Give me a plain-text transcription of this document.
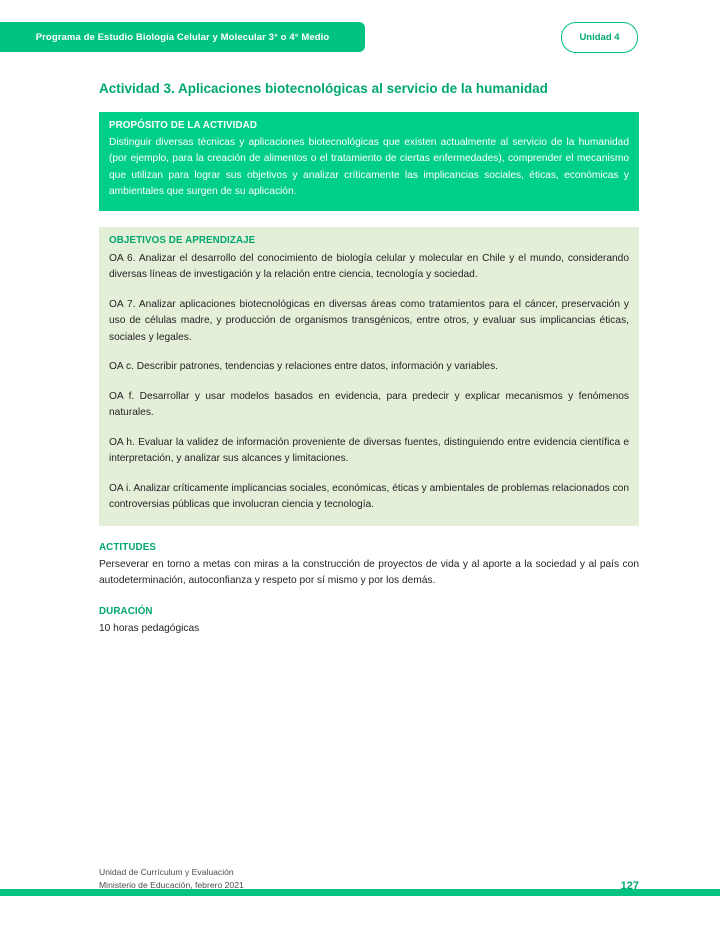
Programa de Estudio Biología Celular y Molecular 3° o 4° Medio	Unidad 4
Actividad 3. Aplicaciones biotecnológicas al servicio de la humanidad
PROPÓSITO DE LA ACTIVIDAD
Distinguir diversas técnicas y aplicaciones biotecnológicas que existen actualmente al servicio de la humanidad (por ejemplo, para la creación de alimentos o el tratamiento de ciertas enfermedades), comprender el mecanismo que utilizan para lograr sus objetivos y analizar críticamente las implicancias sociales, éticas, económicas y ambientales que surgen de su aplicación.
OBJETIVOS DE APRENDIZAJE
OA 6. Analizar el desarrollo del conocimiento de biología celular y molecular en Chile y el mundo, considerando diversas líneas de investigación y la relación entre ciencia, tecnología y sociedad.
OA 7. Analizar aplicaciones biotecnológicas en diversas áreas como tratamientos para el cáncer, preservación y uso de células madre, y producción de organismos transgénicos, entre otros, y evaluar sus implicancias éticas, sociales y legales.
OA c. Describir patrones, tendencias y relaciones entre datos, información y variables.
OA f. Desarrollar y usar modelos basados en evidencia, para predecir y explicar mecanismos y fenómenos naturales.
OA h. Evaluar la validez de información proveniente de diversas fuentes, distinguiendo entre evidencia científica e interpretación, y analizar sus alcances y limitaciones.
OA i. Analizar críticamente implicancias sociales, económicas, éticas y ambientales de problemas relacionados con controversias públicas que involucran ciencia y tecnología.
ACTITUDES
Perseverar en torno a metas con miras a la construcción de proyectos de vida y al aporte a la sociedad y al país con autodeterminación, autoconfianza y respeto por sí mismo y por los demás.
DURACIÓN
10 horas pedagógicas
Unidad de Currículum y Evaluación
Ministerio de Educación, febrero 2021	127
